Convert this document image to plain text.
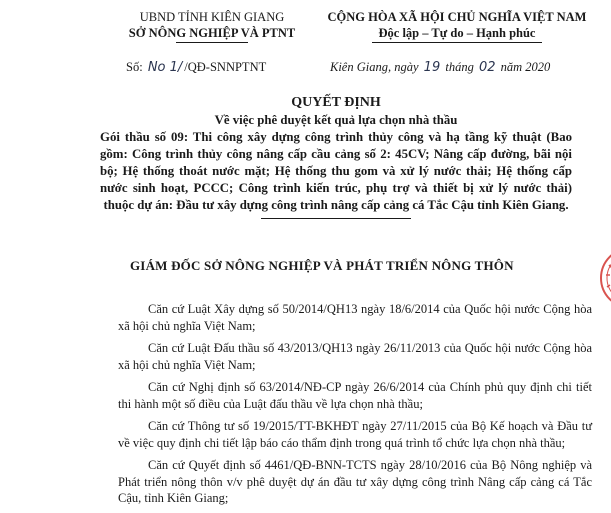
UBND TỈNH KIÊN GIANG
SỞ NÔNG NGHIỆP VÀ PTNT
CỘNG HÒA XÃ HỘI CHỦ NGHĨA VIỆT NAM
Độc lập – Tự do – Hạnh phúc
Số: No 1/ /QĐ-SNNPTNT	Kiên Giang, ngày 19 tháng 02 năm 2020
QUYẾT ĐỊNH
Về việc phê duyệt kết quả lựa chọn nhà thầu
Gói thầu số 09: Thi công xây dựng công trình thủy công và hạ tầng kỹ thuật (Bao gồm: Công trình thủy công nâng cấp cầu cảng số 2: 45CV; Nâng cấp đường, bãi nội bộ; Hệ thống thoát nước mặt; Hệ thống thu gom và xử lý nước thải; Hệ thống cấp nước sinh hoạt, PCCC; Công trình kiến trúc, phụ trợ và thiết bị xử lý nước thải) thuộc dự án: Đầu tư xây dựng công trình nâng cấp cảng cá Tắc Cậu tỉnh Kiên Giang.
GIÁM ĐỐC SỞ NÔNG NGHIỆP VÀ PHÁT TRIỂN NÔNG THÔN

Căn cứ Luật Xây dựng số 50/2014/QH13 ngày 18/6/2014 của Quốc hội nước Cộng hòa xã hội chủ nghĩa Việt Nam;

Căn cứ Luật Đấu thầu số 43/2013/QH13 ngày 26/11/2013 của Quốc hội nước Cộng hòa xã hội chủ nghĩa Việt Nam;

Căn cứ Nghị định số 63/2014/NĐ-CP ngày 26/6/2014 của Chính phủ quy định chi tiết thi hành một số điều của Luật đấu thầu về lựa chọn nhà thầu;

Căn cứ Thông tư số 19/2015/TT-BKHĐT ngày 27/11/2015 của Bộ Kế hoạch và Đầu tư về việc quy định chi tiết lập báo cáo thẩm định trong quá trình tổ chức lựa chọn nhà thầu;

Căn cứ Quyết định số 4461/QĐ-BNN-TCTS ngày 28/10/2016 của Bộ Nông nghiệp và Phát triển nông thôn v/v phê duyệt dự án đầu tư xây dựng công trình Nâng cấp cảng cá Tắc Cậu, tỉnh Kiên Giang;
